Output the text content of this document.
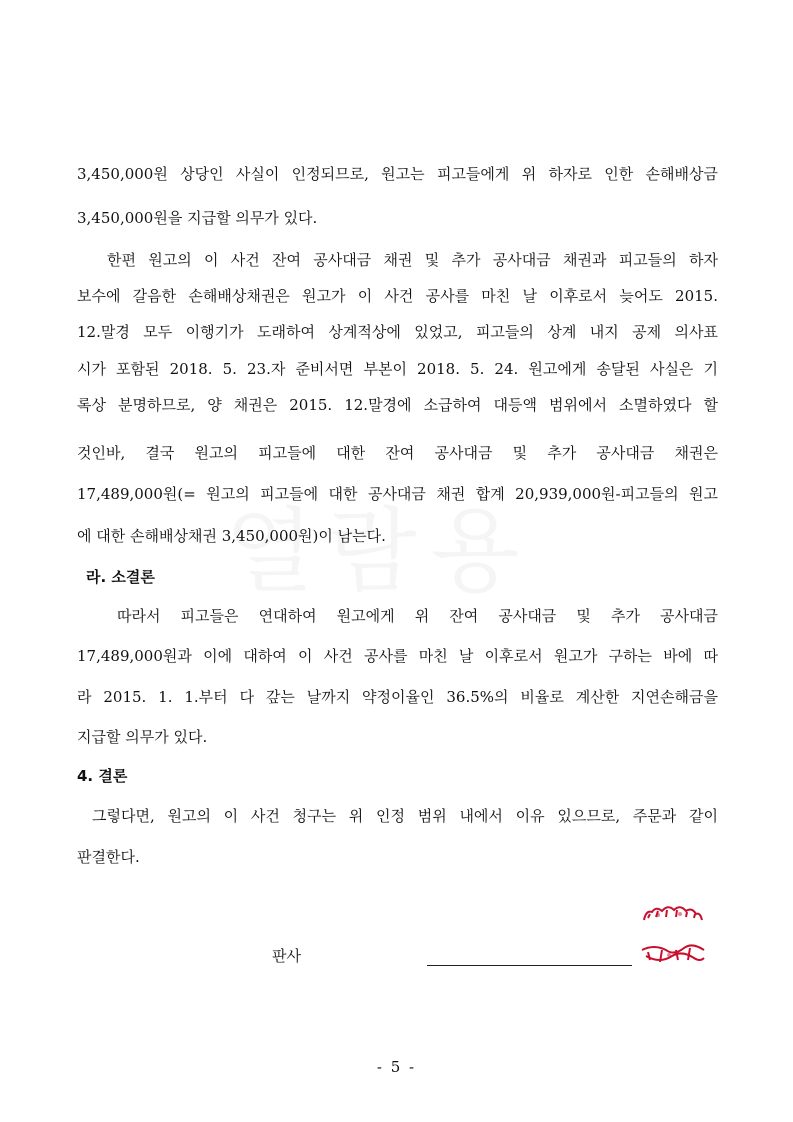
3,450,000원 상당인 사실이 인정되므로, 원고는 피고들에게 위 하자로 인한 손해배상금
3,450,000원을 지급할 의무가 있다.
한편 원고의 이 사건 잔여 공사대금 채권 및 추가 공사대금 채권과 피고들의 하자
보수에 갈음한 손해배상채권은 원고가 이 사건 공사를 마친 날 이후로서 늦어도 2015.
12.말경 모두 이행기가 도래하여 상계적상에 있었고, 피고들의 상계 내지 공제 의사표
시가 포함된 2018. 5. 23.자 준비서면 부본이 2018. 5. 24. 원고에게 송달된 사실은 기
록상 분명하므로, 양 채권은 2015. 12.말경에 소급하여 대등액 범위에서 소멸하였다 할
것인바, 결국 원고의 피고들에 대한 잔여 공사대금 및 추가 공사대금 채권은
17,489,000원(= 원고의 피고들에 대한 공사대금 채권 합계 20,939,000원-피고들의 원고
에 대한 손해배상채권 3,450,000원)이 남는다.
라. 소결론
따라서 피고들은 연대하여 원고에게 위 잔여 공사대금 및 추가 공사대금
17,489,000원과 이에 대하여 이 사건 공사를 마친 날 이후로서 원고가 구하는 바에 따
라 2015. 1. 1.부터 다 갚는 날까지 약정이율인 36.5%의 비율로 계산한 지연손해금을
지급할 의무가 있다.
4. 결론
그렇다면, 원고의 이 사건 청구는 위 인정 범위 내에서 이유 있으므로, 주문과 같이
판결한다.
판사
- 5 -
